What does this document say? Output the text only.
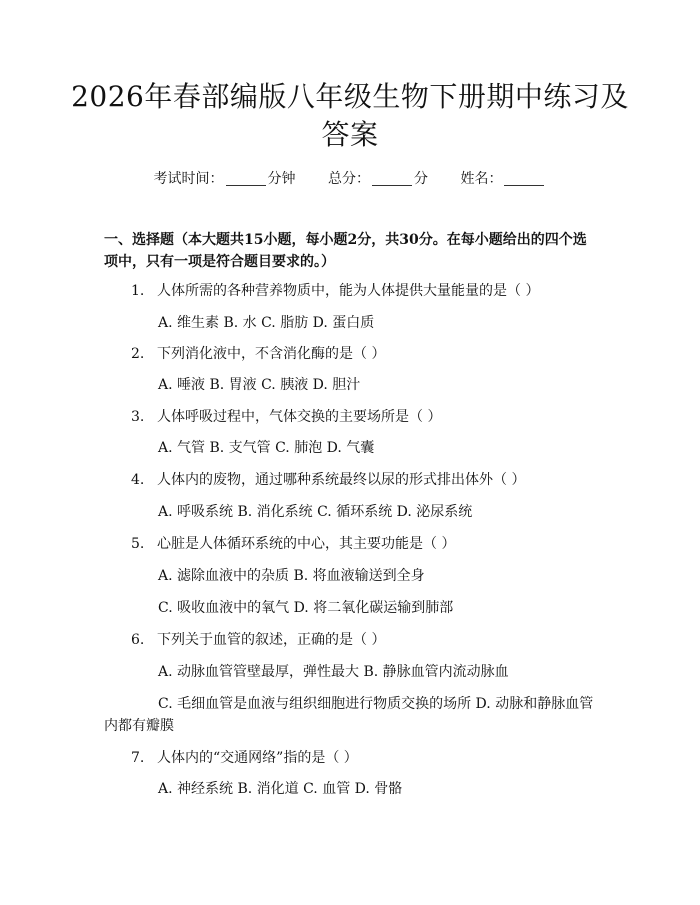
2026年春部编版八年级生物下册期中练习及答案
考试时间：	分钟 总分：	分 姓名：
一、选择题（本大题共15小题，每小题2分，共30分。在每小题给出的四个选项中，只有一项是符合题目要求的。）
1. 人体所需的各种营养物质中，能为人体提供大量能量的是（ ）
A. 维生素 B. 水 C. 脂肪 D. 蛋白质
2. 下列消化液中，不含消化酶的是（ ）
A. 唾液 B. 胃液 C. 胰液 D. 胆汁
3. 人体呼吸过程中，气体交换的主要场所是（ ）
A. 气管 B. 支气管 C. 肺泡 D. 气囊
4. 人体内的废物，通过哪种系统最终以尿的形式排出体外（ ）
A. 呼吸系统 B. 消化系统 C. 循环系统 D. 泌尿系统
5. 心脏是人体循环系统的中心，其主要功能是（ ）
A. 滤除血液中的杂质 B. 将血液输送到全身
C. 吸收血液中的氧气 D. 将二氧化碳运输到肺部
6. 下列关于血管的叙述，正确的是（ ）
A. 动脉血管管壁最厚，弹性最大 B. 静脉血管内流动脉血
C. 毛细血管是血液与组织细胞进行物质交换的场所 D. 动脉和静脉血管内都有瓣膜
7. 人体内的“交通网络”指的是（ ）
A. 神经系统 B. 消化道 C. 血管 D. 骨骼
